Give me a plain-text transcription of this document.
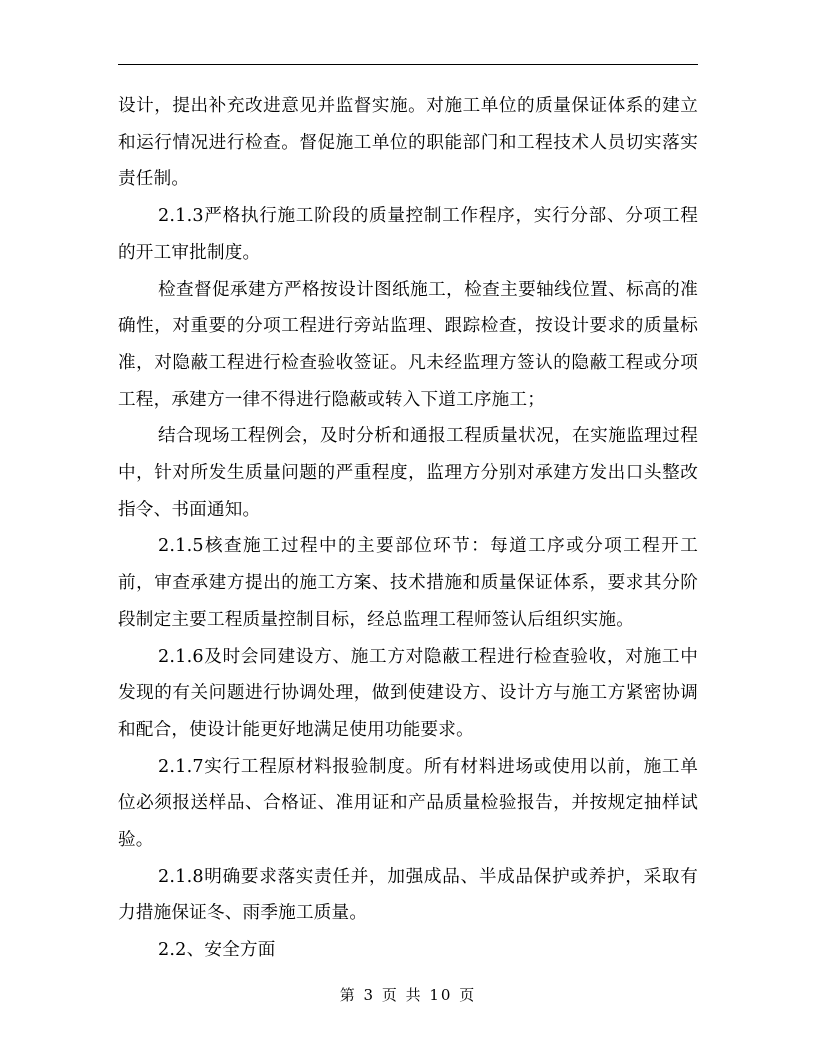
设计，提出补充改进意见并监督实施。对施工单位的质量保证体系的建立和运行情况进行检查。督促施工单位的职能部门和工程技术人员切实落实责任制。

2.1.3严格执行施工阶段的质量控制工作程序，实行分部、分项工程的开工审批制度。

检查督促承建方严格按设计图纸施工，检查主要轴线位置、标高的准确性，对重要的分项工程进行旁站监理、跟踪检查，按设计要求的质量标准，对隐蔽工程进行检查验收签证。凡未经监理方签认的隐蔽工程或分项工程，承建方一律不得进行隐蔽或转入下道工序施工；

结合现场工程例会，及时分析和通报工程质量状况，在实施监理过程中，针对所发生质量问题的严重程度，监理方分别对承建方发出口头整改指令、书面通知。

2.1.5核查施工过程中的主要部位环节：每道工序或分项工程开工前，审查承建方提出的施工方案、技术措施和质量保证体系，要求其分阶段制定主要工程质量控制目标，经总监理工程师签认后组织实施。

2.1.6及时会同建设方、施工方对隐蔽工程进行检查验收，对施工中发现的有关问题进行协调处理，做到使建设方、设计方与施工方紧密协调和配合，使设计能更好地满足使用功能要求。

2.1.7实行工程原材料报验制度。所有材料进场或使用以前，施工单位必须报送样品、合格证、准用证和产品质量检验报告，并按规定抽样试验。

2.1.8明确要求落实责任并，加强成品、半成品保护或养护，采取有力措施保证冬、雨季施工质量。

2.2、安全方面

第 3 页 共 10 页
